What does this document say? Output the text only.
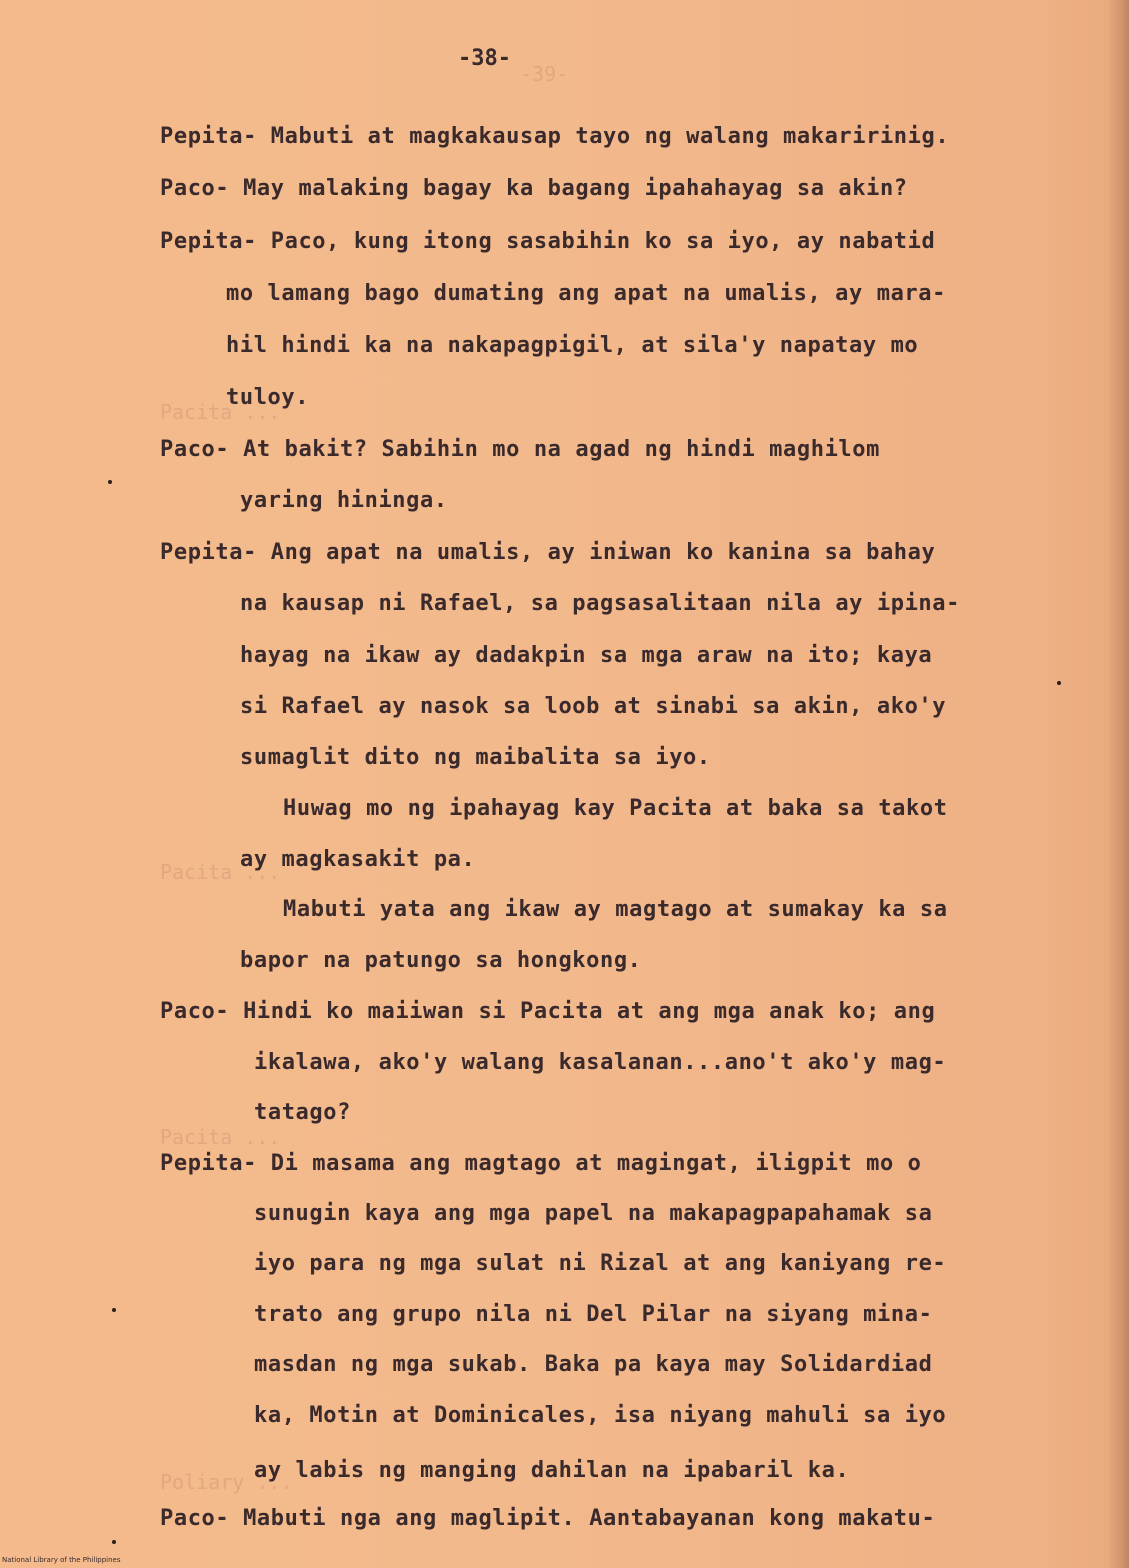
-39-
Pacita ...
Pacita ...
Pacita ...
Poliary ...
-38-
Pepita- Mabuti at magkakausap tayo ng walang makaririnig.
Paco- May malaking bagay ka bagang ipahahayag sa akin?
Pepita- Paco, kung itong sasabihin ko sa iyo, ay nabatid
mo lamang bago dumating ang apat na umalis, ay mara-
hil hindi ka na nakapagpigil, at sila'y napatay mo
tuloy.
Paco- At bakit? Sabihin mo na agad ng hindi maghilom
yaring hininga.
Pepita- Ang apat na umalis, ay iniwan ko kanina sa bahay
na kausap ni Rafael, sa pagsasalitaan nila ay ipina-
hayag na ikaw ay dadakpin sa mga araw na ito; kaya
si Rafael ay nasok sa loob at sinabi sa akin, ako'y
sumaglit dito ng maibalita sa iyo.
Huwag mo ng ipahayag kay Pacita at baka sa takot
ay magkasakit pa.
Mabuti yata ang ikaw ay magtago at sumakay ka sa
bapor na patungo sa hongkong.
Paco- Hindi ko maiiwan si Pacita at ang mga anak ko; ang
ikalawa, ako'y walang kasalanan...ano't ako'y mag-
tatago?
Pepita- Di masama ang magtago at magingat, iligpit mo o
sunugin kaya ang mga papel na makapagpapahamak sa
iyo para ng mga sulat ni Rizal at ang kaniyang re-
trato ang grupo nila ni Del Pilar na siyang mina-
masdan ng mga sukab. Baka pa kaya may Solidardiad
ka, Motin at Dominicales, isa niyang mahuli sa iyo
ay labis ng manging dahilan na ipabaril ka.
Paco- Mabuti nga ang maglipit. Aantabayanan kong makatu-
National Library of the Philippines
